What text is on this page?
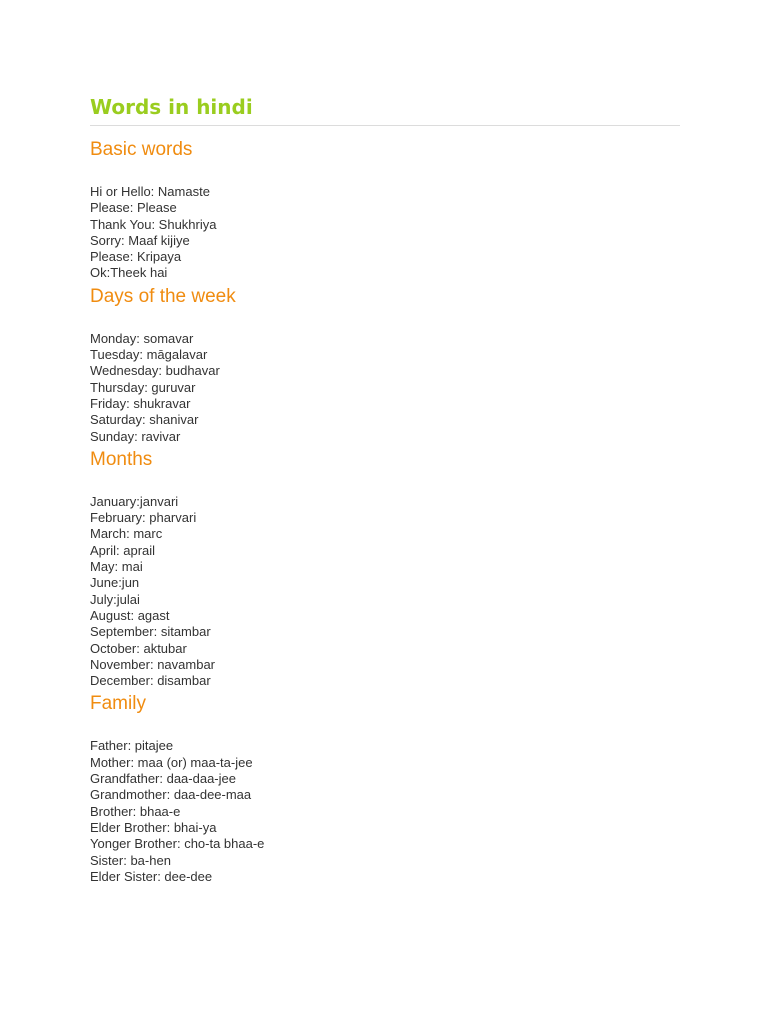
Words in hindi
Basic words
Hi or Hello: Namaste
Please: Please
Thank You: Shukhriya
Sorry: Maaf kijiye
Please: Kripaya
Ok:Theek hai
Days of the week
Monday: somavar
Tuesday: māgalavar
Wednesday: budhavar
Thursday: guruvar
Friday: shukravar
Saturday: shanivar
Sunday: ravivar
Months
January:janvari
February: pharvari
March: marc
April: aprail
May: mai
June:jun
July:julai
August: agast
September: sitambar
October: aktubar
November: navambar
December: disambar
Family
Father: pitajee
Mother: maa (or) maa-ta-jee
Grandfather: daa-daa-jee
Grandmother: daa-dee-maa
Brother: bhaa-e
Elder Brother: bhai-ya
Yonger Brother: cho-ta bhaa-e
Sister: ba-hen
Elder Sister: dee-dee
